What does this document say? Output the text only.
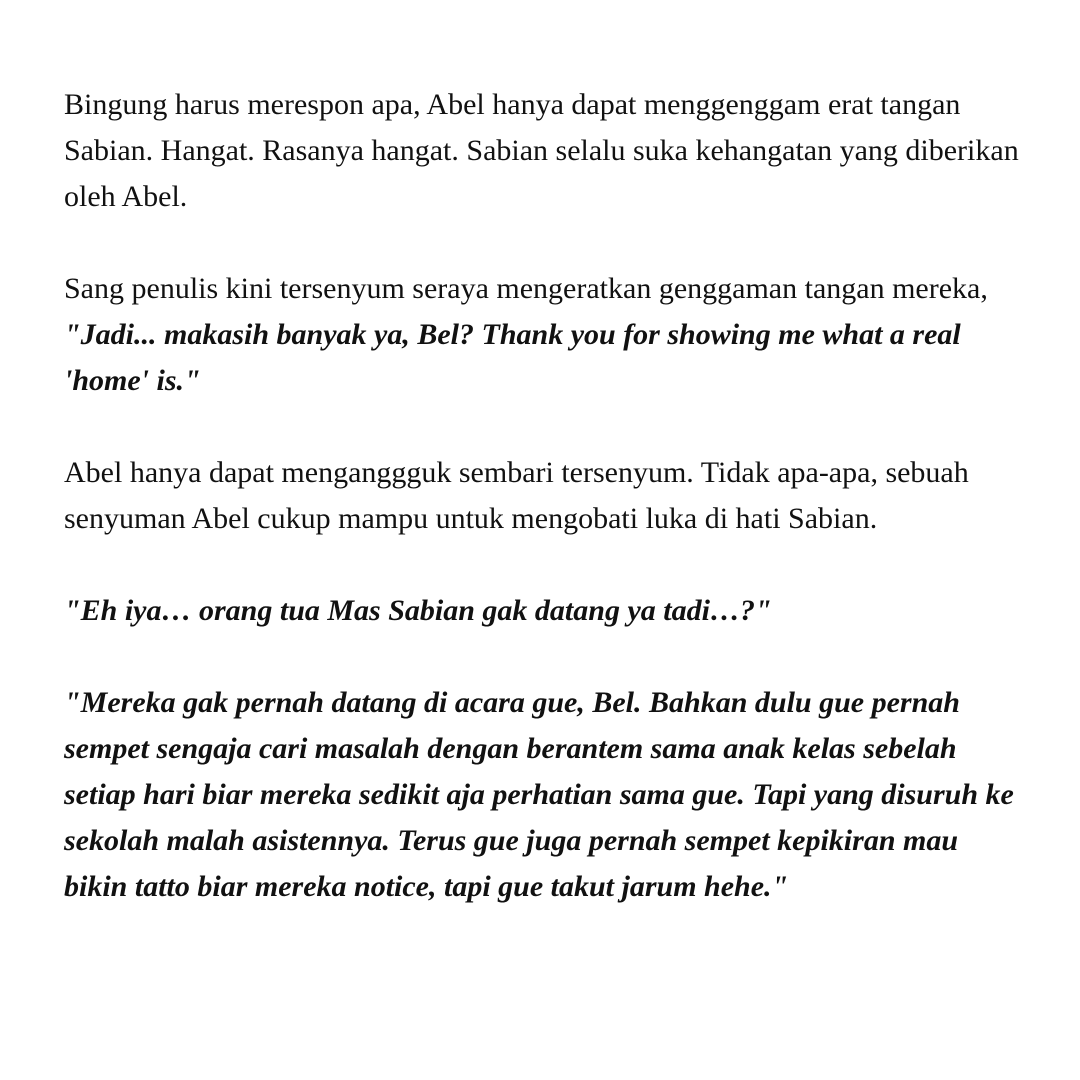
Bingung harus merespon apa, Abel hanya dapat menggenggam erat tangan Sabian. Hangat. Rasanya hangat. Sabian selalu suka kehangatan yang diberikan oleh Abel.

Sang penulis kini tersenyum seraya mengeratkan genggaman tangan mereka, "Jadi... makasih banyak ya, Bel? Thank you for showing me what a real 'home' is."

Abel hanya dapat menganggguk sembari tersenyum. Tidak apa-apa, sebuah senyuman Abel cukup mampu untuk mengobati luka di hati Sabian.

"Eh iya… orang tua Mas Sabian gak datang ya tadi…?"

"Mereka gak pernah datang di acara gue, Bel. Bahkan dulu gue pernah sempet sengaja cari masalah dengan berantem sama anak kelas sebelah setiap hari biar mereka sedikit aja perhatian sama gue. Tapi yang disuruh ke sekolah malah asistennya. Terus gue juga pernah sempet kepikiran mau bikin tatto biar mereka notice, tapi gue takut jarum hehe."
